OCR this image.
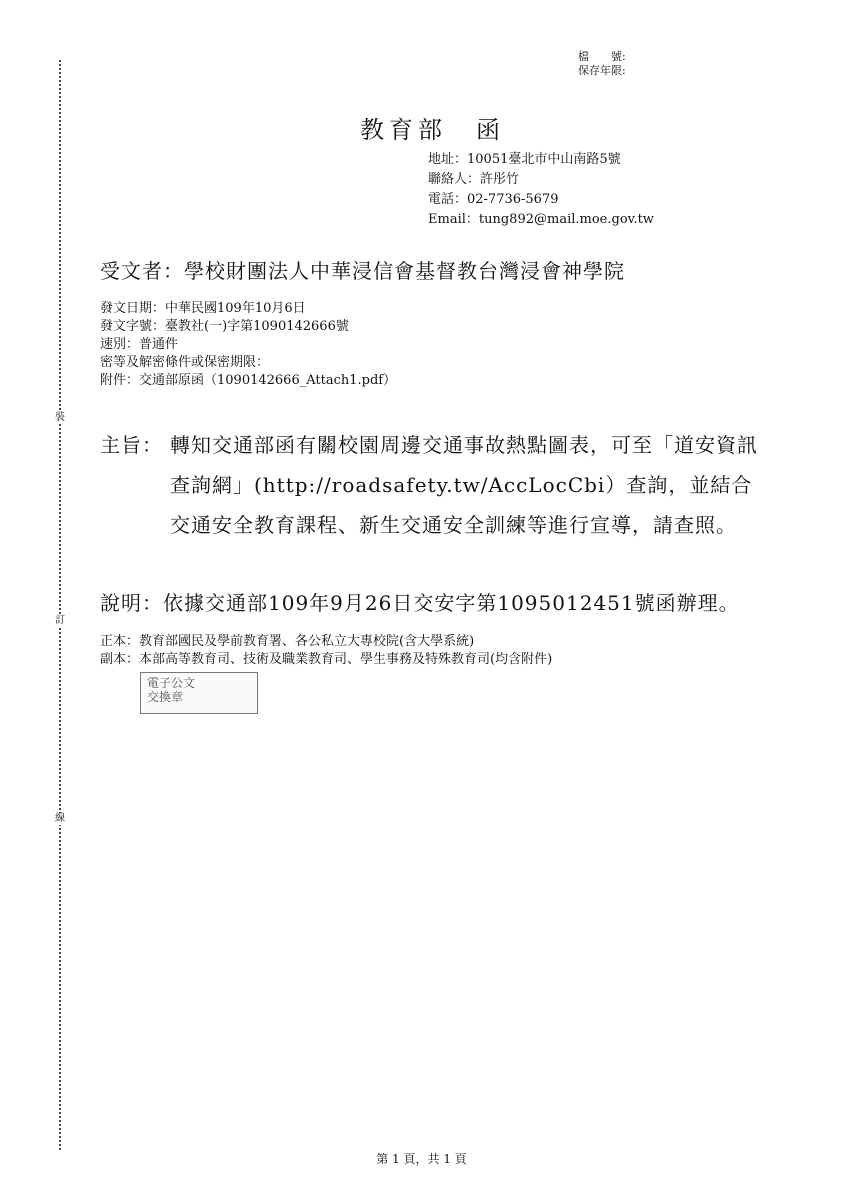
裝
訂
線
檔　　號:
保存年限:
教育部　函
地址：10051臺北市中山南路5號
聯絡人：許彤竹
電話：02-7736-5679
Email：tung892@mail.moe.gov.tw
受文者：學校財團法人中華浸信會基督教台灣浸會神學院
發文日期：中華民國109年10月6日
發文字號：臺教社(一)字第1090142666號
速別：普通件
密等及解密條件或保密期限：
附件：交通部原函（1090142666_Attach1.pdf）
主旨： 轉知交通部函有關校園周邊交通事故熱點圖表，可至「道安資訊查詢網」(http://roadsafety.tw/AccLocCbi）查詢，並結合交通安全教育課程、新生交通安全訓練等進行宣導，請查照。
說明：依據交通部109年9月26日交安字第1095012451號函辦理。
正本：教育部國民及學前教育署、各公私立大專校院(含大學系統)
副本：本部高等教育司、技術及職業教育司、學生事務及特殊教育司(均含附件)
電子公文
交換章
第 1 頁，共 1 頁
